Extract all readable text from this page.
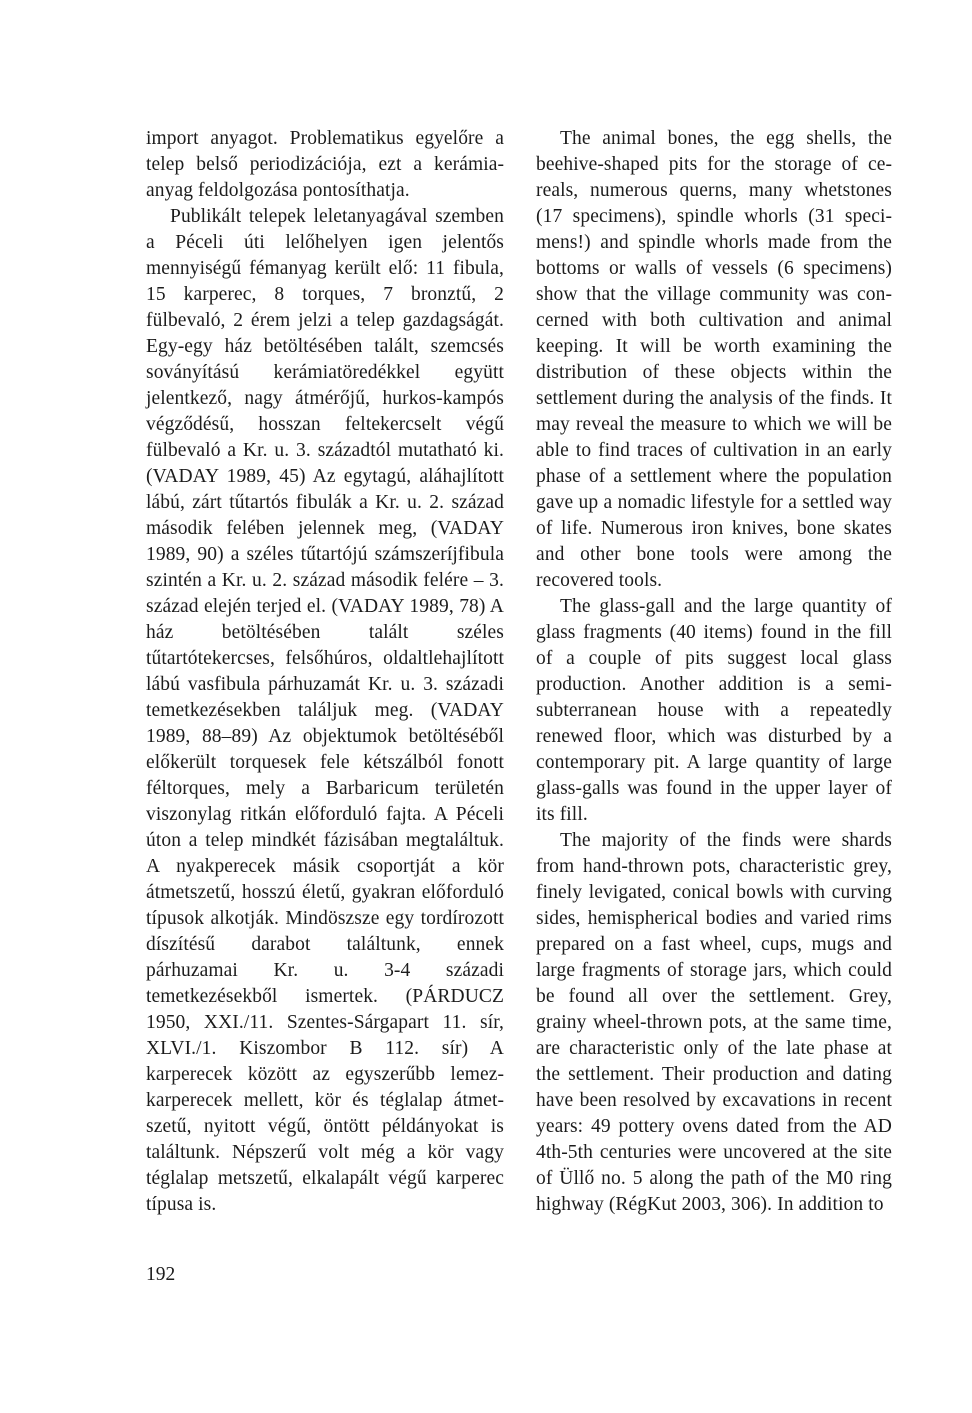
import anyagot. Problematikus egyelőre a telep belső periodizációja, ezt a kerámiaanyag feldolgozása pontosíthatja.

Publikált telepek leletanyagával szemben a Péceli úti lelőhelyen igen jelentős mennyiségű fémanyag került elő: 11 fibula, 15 karperec, 8 torques, 7 bronztű, 2 fülbevaló, 2 érem jelzi a telep gazdagságát. Egy-egy ház betöltésében talált, szemcsés soványítású kerámiatöredékkel együtt jelentkező, nagy átmérőjű, hurkos-kampós végződésű, hosszan feltekercselt végű fülbevaló a Kr. u. 3. századtól mutatható ki. (VADAY 1989, 45) Az egytagú, aláhajlított lábú, zárt tűtartós fibulák a Kr. u. 2. század második felében jelennek meg, (VADAY 1989, 90) a széles tűtartójú számszeríjfibula szintén a Kr. u. 2. század második felére – 3. század elején terjed el. (VADAY 1989, 78) A ház betöltésében talált széles tűtartótekercses, felsőhúros, oldaltlehajlított lábú vasfibula párhuzamát Kr. u. 3. századi temetkezésekben találjuk meg. (VADAY 1989, 88–89) Az objektumok betöltéséből előkerült torquesek fele kétszálból fonott féltorques, mely a Barbaricum területén viszonylag ritkán előforduló fajta. A Péceli úton a telep mindkét fázisában megtaláltuk. A nyakperecek másik csoportját a kör átmetszetű, hosszú életű, gyakran előforduló típusok alkotják. Mindöszsze egy tordírozott díszítésű darabot találtunk, ennek párhuzamai Kr. u. 3-4 századi temetkezésekből ismertek. (PÁRDUCZ 1950, XXI./11. Szentes-Sárgapart 11. sír, XLVI./1. Kiszombor B 112. sír) A karperecek között az egyszerűbb lemezkarperecek mellett, kör és téglalap átmetszetű, nyitott végű, öntött példányokat is találtunk. Népszerű volt még a kör vagy téglalap metszetű, elkalapált végű karperec típusa is.

The animal bones, the egg shells, the beehive-shaped pits for the storage of cereals, numerous querns, many whetstones (17 specimens), spindle whorls (31 specimens!) and spindle whorls made from the bottoms or walls of vessels (6 specimens) show that the village community was concerned with both cultivation and animal keeping. It will be worth examining the distribution of these objects within the settlement during the analysis of the finds. It may reveal the measure to which we will be able to find traces of cultivation in an early phase of a settlement where the population gave up a nomadic lifestyle for a settled way of life. Numerous iron knives, bone skates and other bone tools were among the recovered tools.

The glass-gall and the large quantity of glass fragments (40 items) found in the fill of a couple of pits suggest local glass production. Another addition is a semi-subterranean house with a repeatedly renewed floor, which was disturbed by a contemporary pit. A large quantity of large glass-galls was found in the upper layer of its fill.

The majority of the finds were shards from hand-thrown pots, characteristic grey, finely levigated, conical bowls with curving sides, hemispherical bodies and varied rims prepared on a fast wheel, cups, mugs and large fragments of storage jars, which could be found all over the settlement. Grey, grainy wheel-thrown pots, at the same time, are characteristic only of the late phase at the settlement. Their production and dating have been resolved by excavations in recent years: 49 pottery ovens dated from the AD 4th-5th centuries were uncovered at the site of Üllő no. 5 along the path of the M0 ring highway (RégKut 2003, 306). In addition to

192
